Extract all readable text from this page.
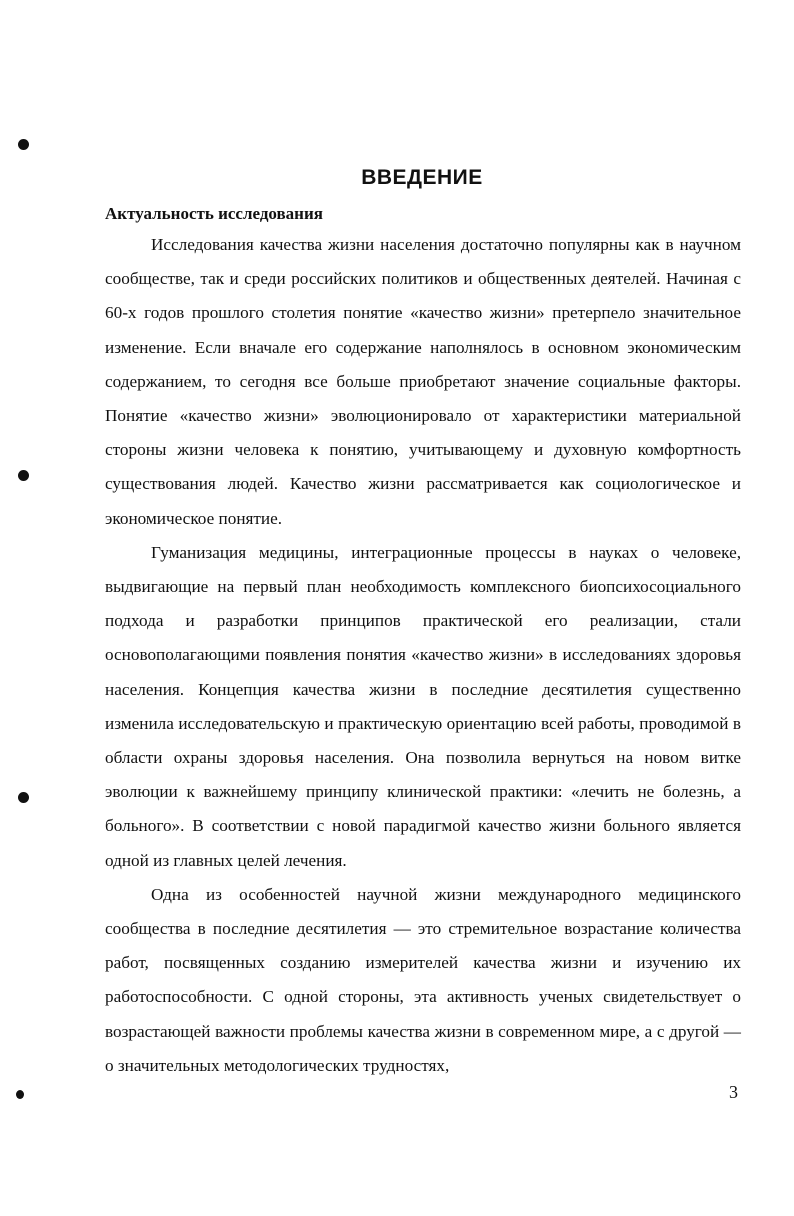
ВВЕДЕНИЕ
Актуальность исследования

Исследования качества жизни населения достаточно популярны как в научном сообществе, так и среди российских политиков и общественных деятелей. Начиная с 60-х годов прошлого столетия понятие «качество жизни» претерпело значительное изменение. Если вначале его содержание наполнялось в основном экономическим содержанием, то сегодня все больше приобретают значение социальные факторы. Понятие «качество жизни» эволюционировало от характеристики материальной стороны жизни человека к понятию, учитывающему и духовную комфортность существования людей. Качество жизни рассматривается как социологическое и экономическое понятие.

Гуманизация медицины, интеграционные процессы в науках о человеке, выдвигающие на первый план необходимость комплексного биопсихосоциального подхода и разработки принципов практической его реализации, стали основополагающими появления понятия «качество жизни» в исследованиях здоровья населения. Концепция качества жизни в последние десятилетия существенно изменила исследовательскую и практическую ориентацию всей работы, проводимой в области охраны здоровья населения. Она позволила вернуться на новом витке эволюции к важнейшему принципу клинической практики: «лечить не болезнь, а больного». В соответствии с новой парадигмой качество жизни больного является одной из главных целей лечения.

Одна из особенностей научной жизни международного медицинского сообщества в последние десятилетия — это стремительное возрастание количества работ, посвященных созданию измерителей качества жизни и изучению их работоспособности. С одной стороны, эта активность ученых свидетельствует о возрастающей важности проблемы качества жизни в современном мире, а с другой — о значительных методологических трудностях,

3
